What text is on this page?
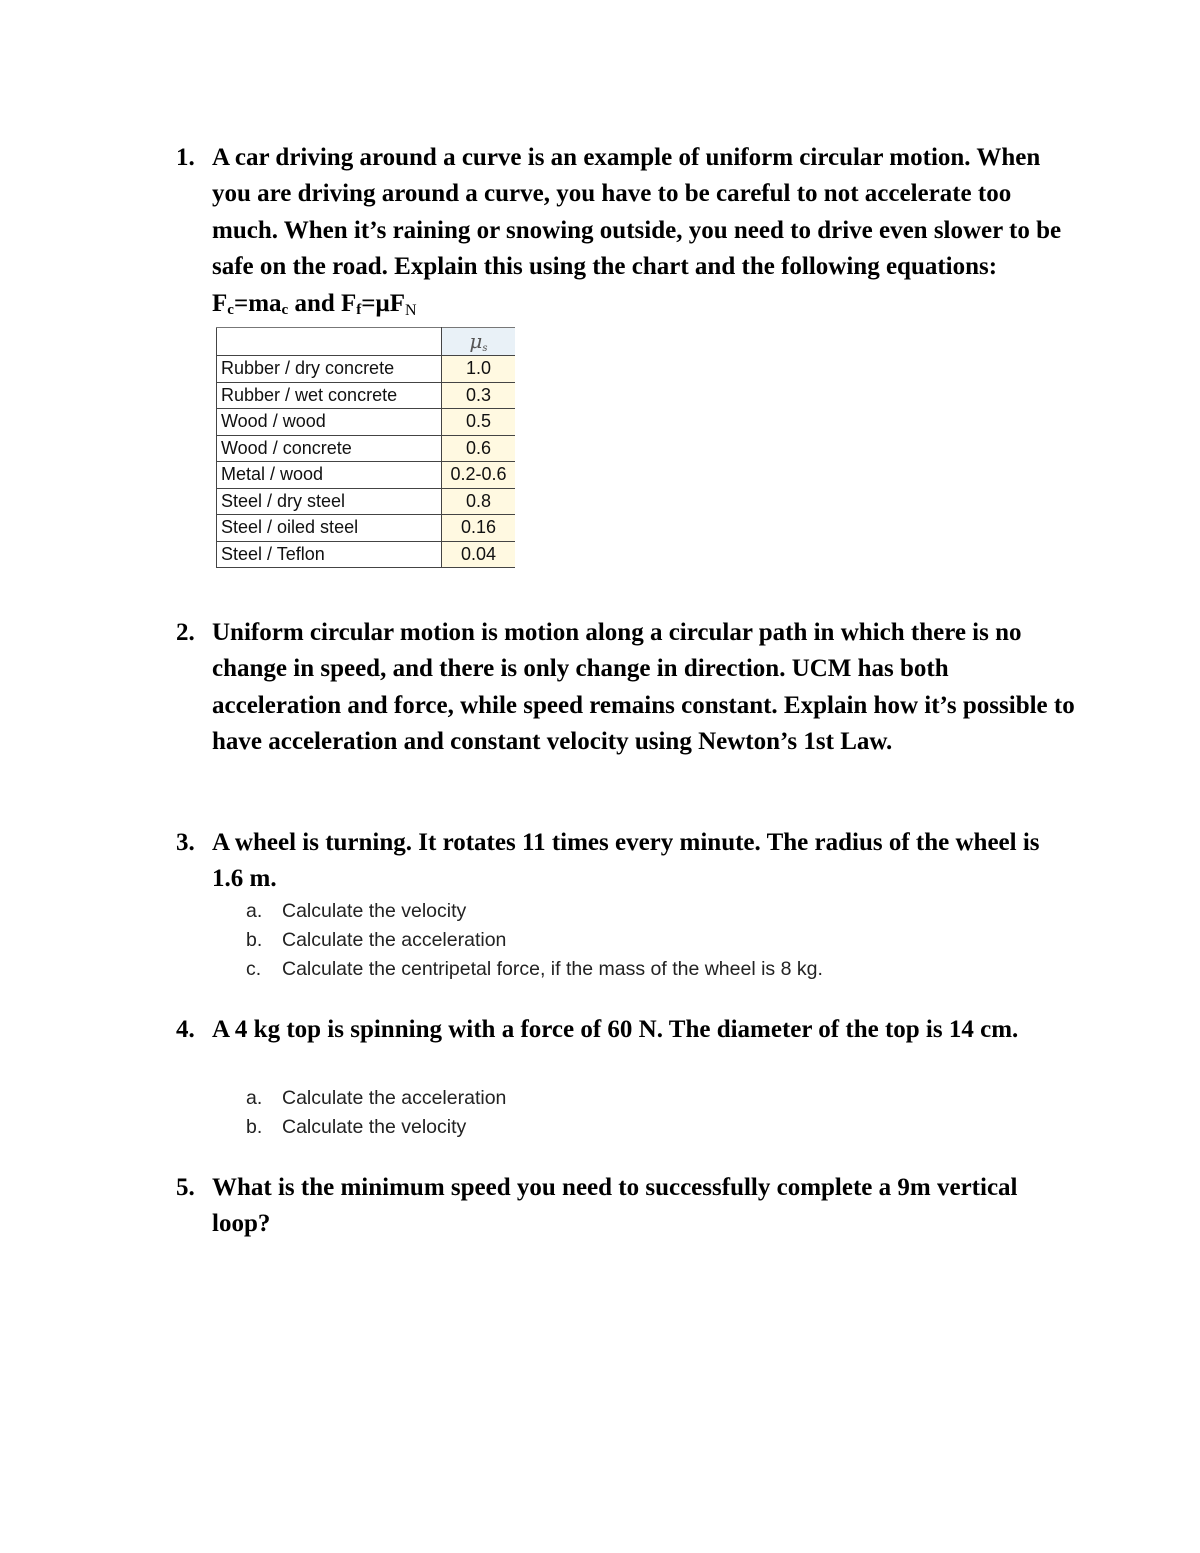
1. A car driving around a curve is an example of uniform circular motion. When you are driving around a curve, you have to be careful to not accelerate too much. When it’s raining or snowing outside, you need to drive even slower to be safe on the road. Explain this using the chart and the following equations: $F_c=ma_c$ and $F_f=\mu F_N$
	$\mu_s$
Rubber / dry concrete	1.0
Rubber / wet concrete	0.3
Wood / wood	0.5
Wood / concrete	0.6
Metal / wood	0.2-0.6
Steel / dry steel	0.8
Steel / oiled steel	0.16
Steel / Teflon	0.04
2. Uniform circular motion is motion along a circular path in which there is no change in speed, and there is only change in direction. UCM has both acceleration and force, while speed remains constant. Explain how it’s possible to have acceleration and constant velocity using Newton’s 1st Law.
3. A wheel is turning. It rotates 11 times every minute. The radius of the wheel is 1.6 m.
a. Calculate the velocity
b. Calculate the acceleration
c. Calculate the centripetal force, if the mass of the wheel is 8 kg.
4. A 4 kg top is spinning with a force of 60 N. The diameter of the top is 14 cm.
a. Calculate the acceleration
b. Calculate the velocity
5. What is the minimum speed you need to successfully complete a 9m vertical loop?
